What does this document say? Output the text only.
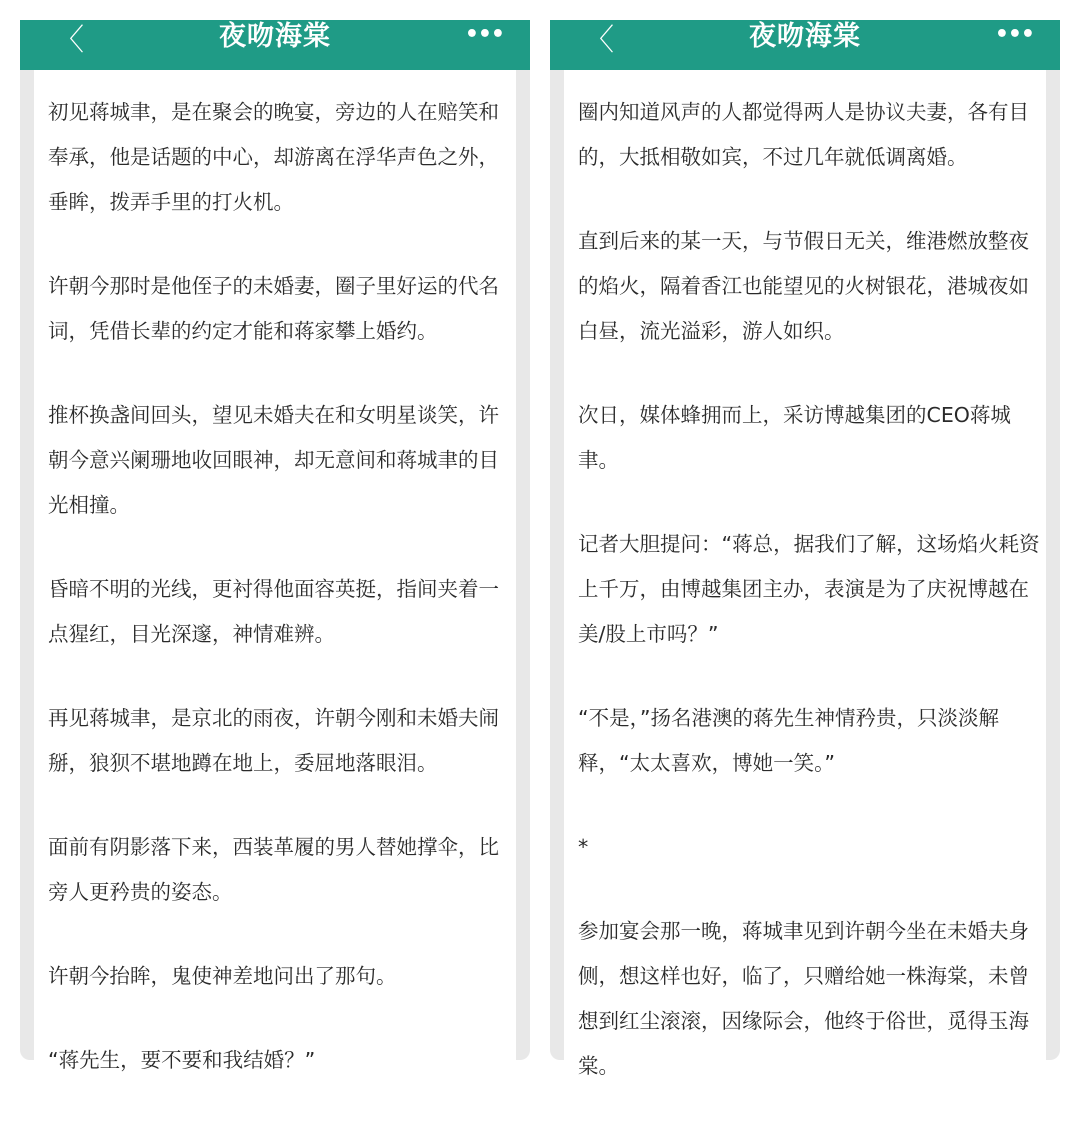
〈	夜吻海棠	•••

初见蒋城聿，是在聚会的晚宴，旁边的人在赔笑和奉承，他是话题的中心，却游离在浮华声色之外，垂眸，拨弄手里的打火机。

许朝今那时是他侄子的未婚妻，圈子里好运的代名词，凭借长辈的约定才能和蒋家攀上婚约。

推杯换盏间回头，望见未婚夫在和女明星谈笑，许朝今意兴阑珊地收回眼神，却无意间和蒋城聿的目光相撞。

昏暗不明的光线，更衬得他面容英挺，指间夹着一点猩红，目光深邃，神情难辨。

再见蒋城聿，是京北的雨夜，许朝今刚和未婚夫闹掰，狼狈不堪地蹲在地上，委屈地落眼泪。

面前有阴影落下来，西装革履的男人替她撑伞，比旁人更矜贵的姿态。

许朝今抬眸，鬼使神差地问出了那句。

“蒋先生，要不要和我结婚？”

〈	夜吻海棠	•••

圈内知道风声的人都觉得两人是协议夫妻，各有目的，大抵相敬如宾，不过几年就低调离婚。

直到后来的某一天，与节假日无关，维港燃放整夜的焰火，隔着香江也能望见的火树银花，港城夜如白昼，流光溢彩，游人如织。

次日，媒体蜂拥而上，采访博越集团的CEO蒋城聿。

记者大胆提问：“蒋总，据我们了解，这场焰火耗资上千万，由博越集团主办，表演是为了庆祝博越在美/股上市吗？”

“不是，”扬名港澳的蒋先生神情矜贵，只淡淡解释，“太太喜欢，博她一笑。”

*

参加宴会那一晚，蒋城聿见到许朝今坐在未婚夫身侧，想这样也好，临了，只赠给她一株海棠，未曾想到红尘滚滚，因缘际会，他终于俗世，觅得玉海棠。
